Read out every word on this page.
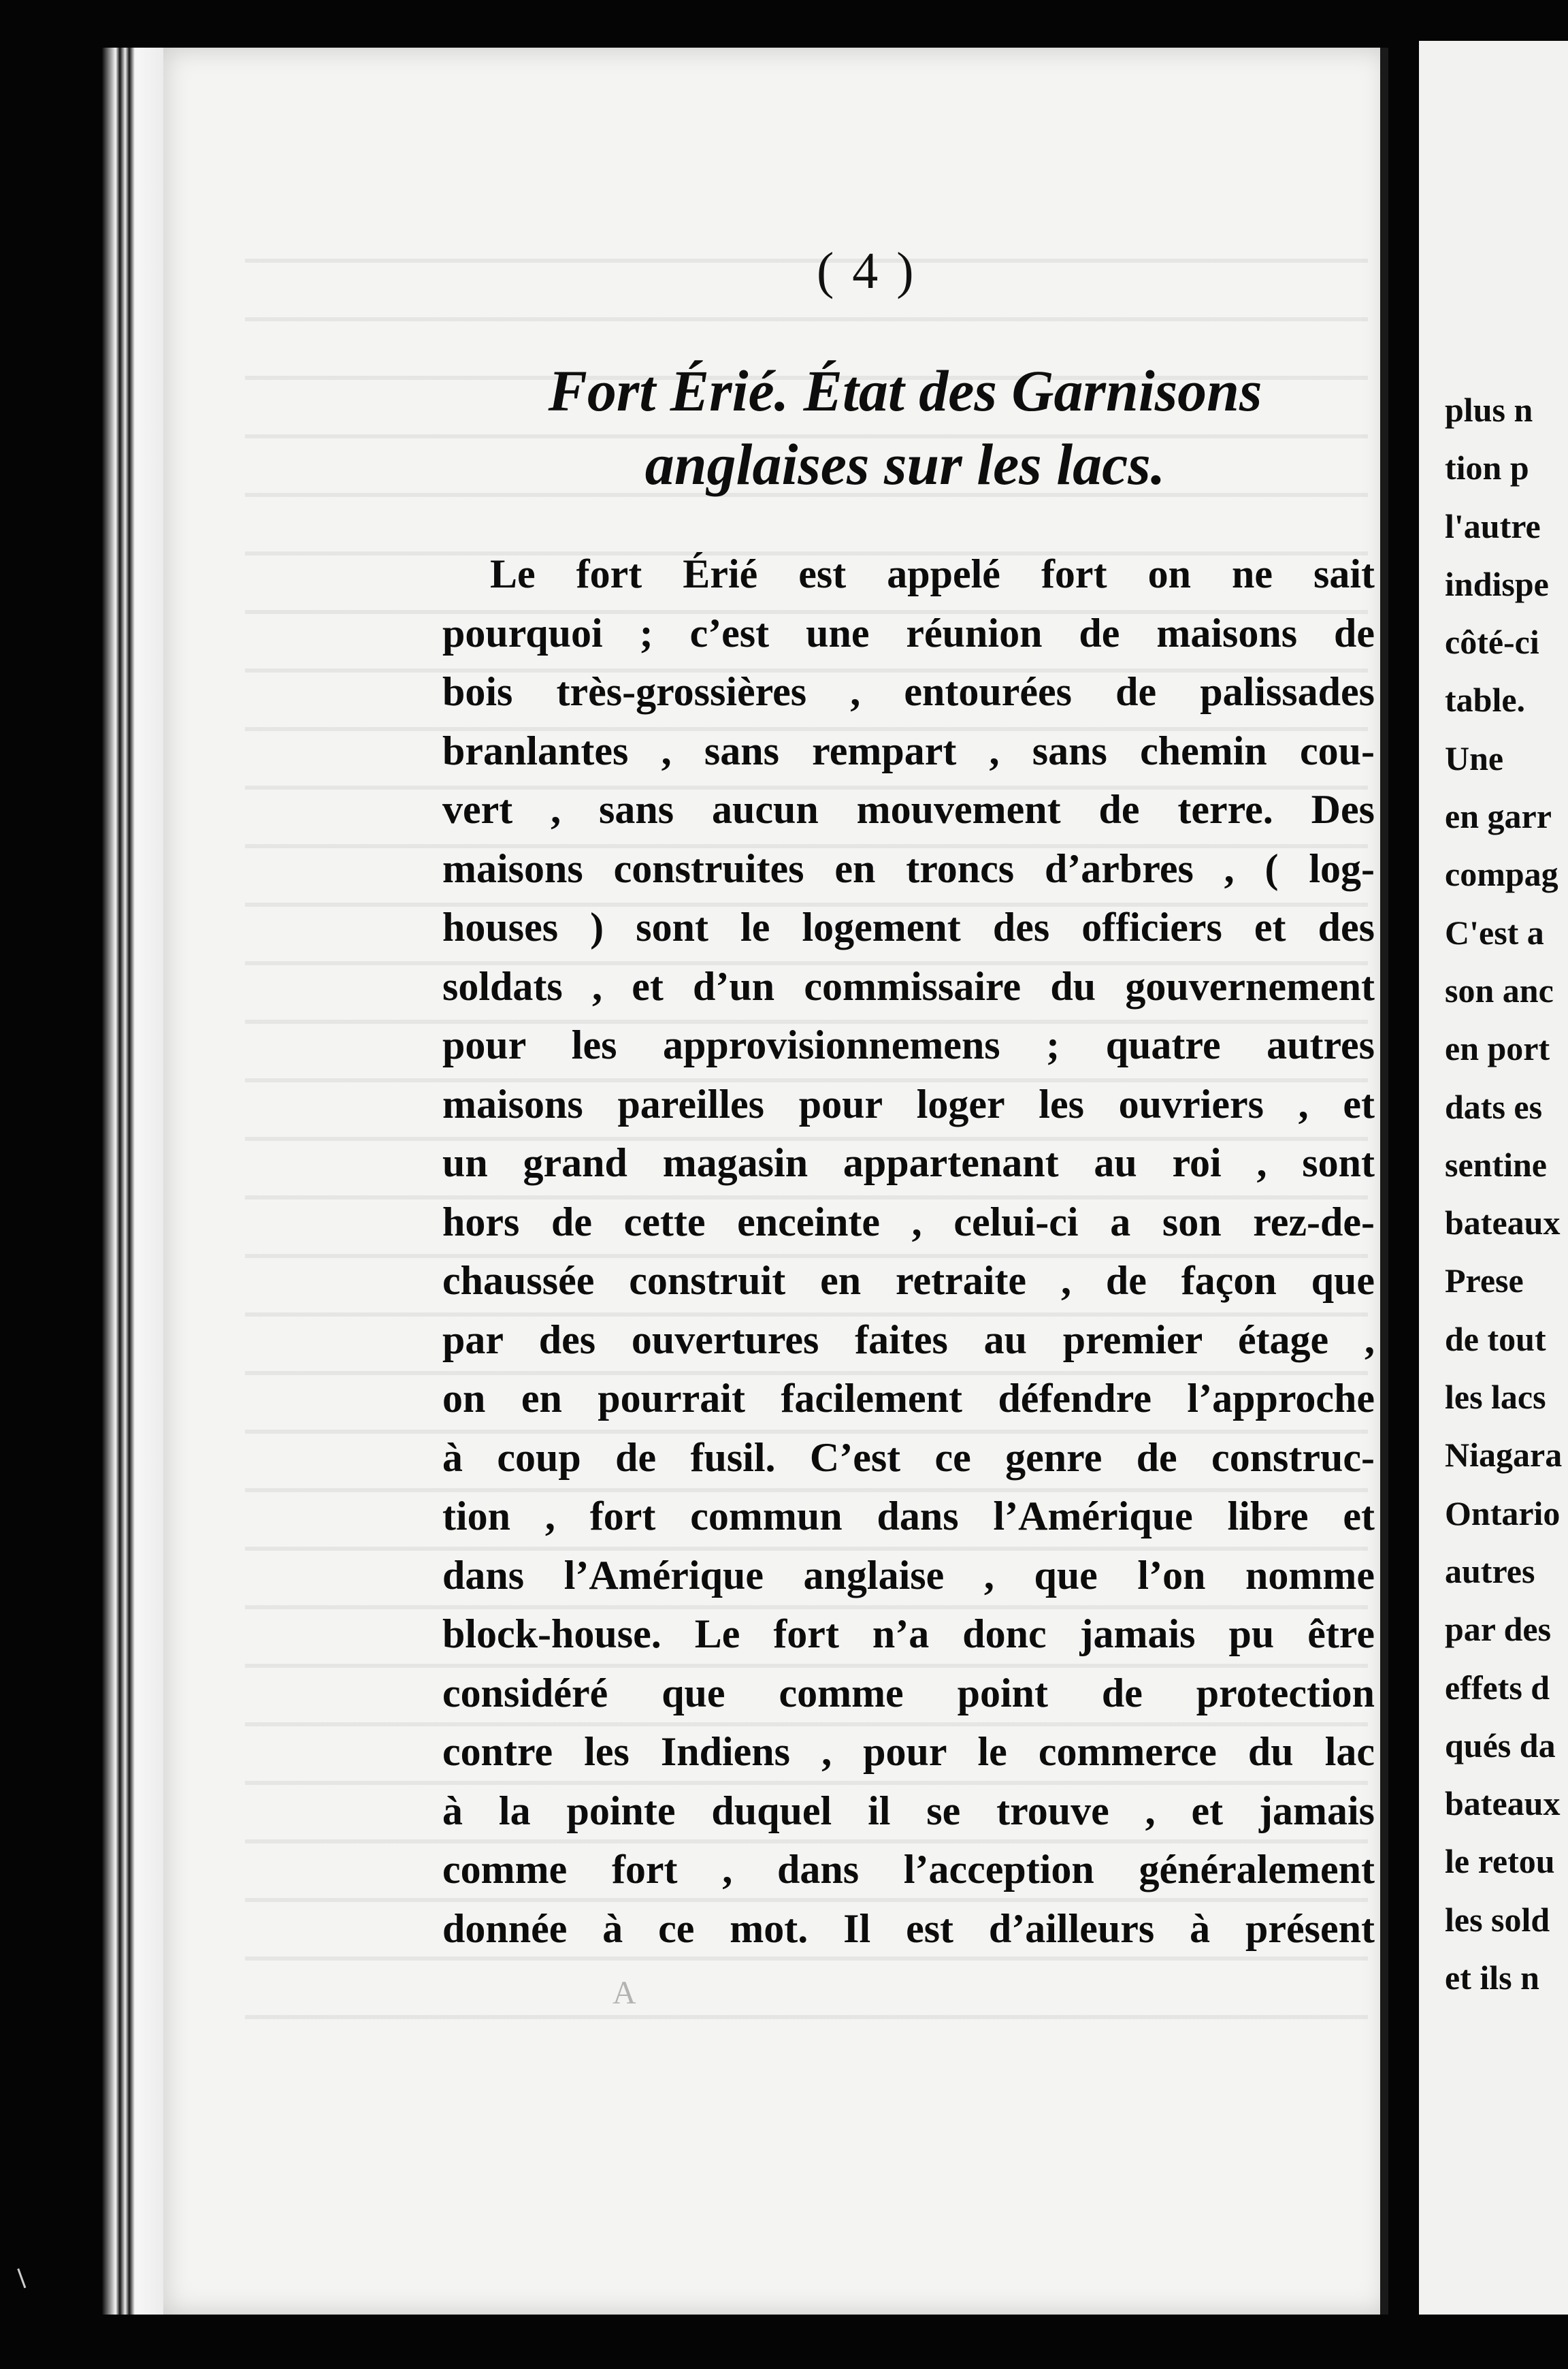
( 4 )
Fort Érié. État des Garnisons
anglaises sur les lacs.
Le fort Érié est appelé fort on ne sait
pourquoi ; c’est une réunion de maisons de
bois très-grossières , entourées de palissades
branlantes , sans rempart , sans chemin cou-
vert , sans aucun mouvement de terre. Des
maisons construites en troncs d’arbres , ( log-
houses ) sont le logement des officiers et des
soldats , et d’un commissaire du gouvernement
pour les approvisionnemens ; quatre autres
maisons pareilles pour loger les ouvriers , et
un grand magasin appartenant au roi , sont
hors de cette enceinte , celui-ci a son rez-de-
chaussée construit en retraite , de façon que
par des ouvertures faites au premier étage ,
on en pourrait facilement défendre l’approche
à coup de fusil. C’est ce genre de construc-
tion , fort commun dans l’Amérique libre et
dans l’Amérique anglaise , que l’on nomme
block-house. Le fort n’a donc jamais pu être
considéré que comme point de protection
contre les Indiens , pour le commerce du lac
à la pointe duquel il se trouve , et jamais
comme fort , dans l’acception généralement
donnée à ce mot. Il est d’ailleurs à présent
A
plus n
tion p
l'autre
indispe
côté-ci
table.
Une
en garr
compag
C'est a
son anc
en port
dats es
sentine
bateaux
Prese
de tout
les lacs
Niagara
Ontario
autres
par des
effets d
qués da
bateaux
le retou
les sold
et ils n
